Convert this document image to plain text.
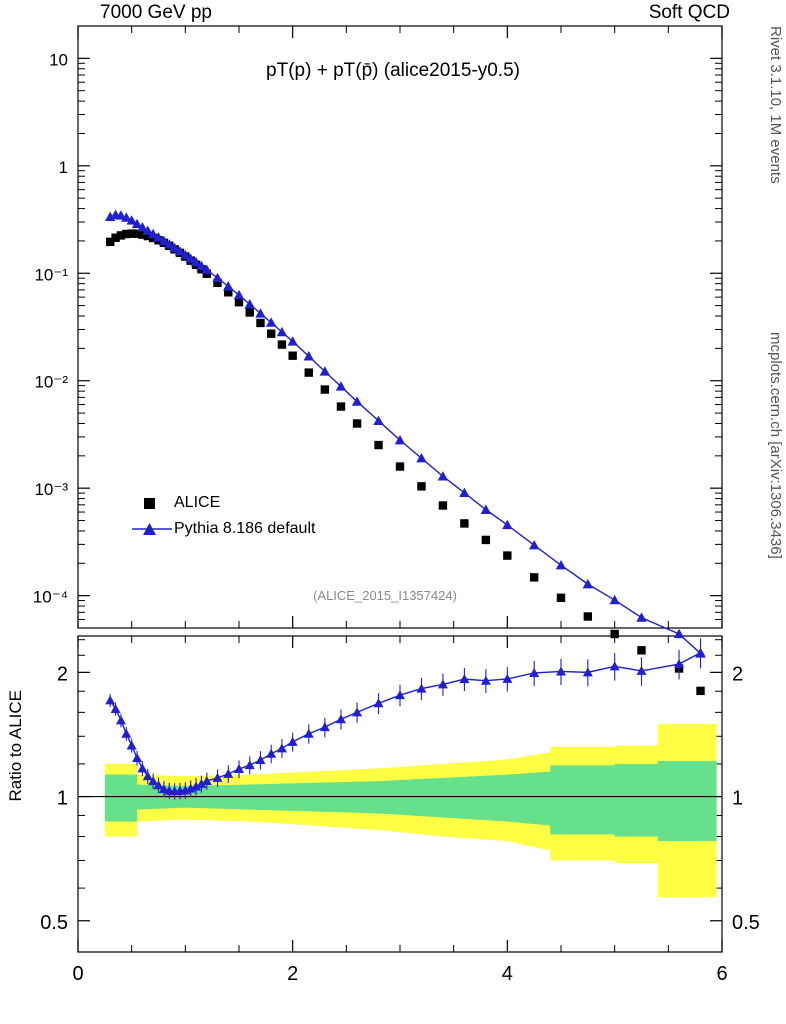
7000 GeV pp	Soft QCD
Rivet 3.1.10, 1M events
mcplots.cern.ch [arXiv:1306.3436]
pT(p) + pT(p̄) (alice2015-y0.5)
(ALICE_2015_I1357424)
ALICE
Pythia 8.186 default
Ratio to ALICE
10⁻⁴
10⁻³
10⁻²
10⁻¹
1
10
0.5	0.5
1	1
2	2
0	2	4	6
